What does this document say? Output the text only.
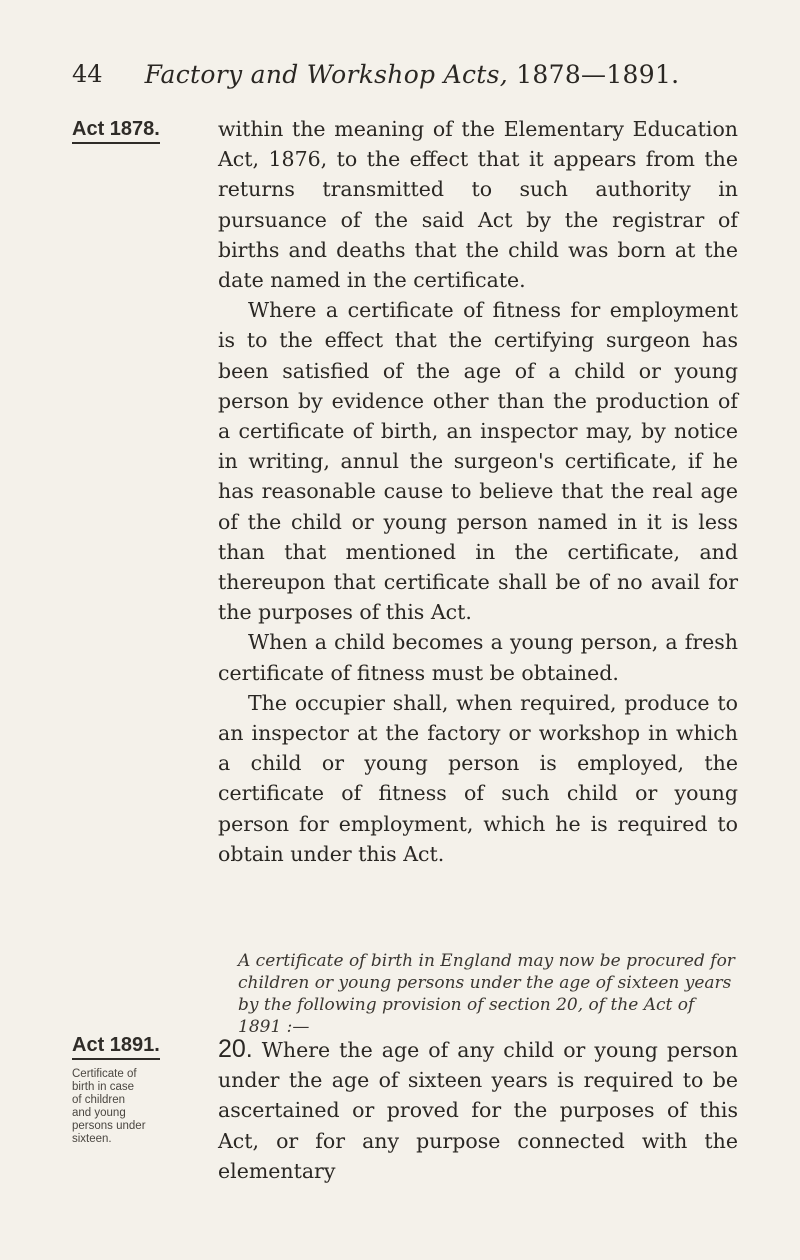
44	Factory and Workshop Acts, 1878—1891.
Act 1878.	within the meaning of the Elementary Education Act, 1876, to the effect that it appears from the returns transmitted to such authority in pursuance of the said Act by the registrar of births and deaths that the child was born at the date named in the certificate.

Where a certificate of fitness for employment is to the effect that the certifying surgeon has been satisfied of the age of a child or young person by evidence other than the production of a certificate of birth, an inspector may, by notice in writing, annul the surgeon's certificate, if he has reasonable cause to believe that the real age of the child or young person named in it is less than that mentioned in the certificate, and thereupon that certificate shall be of no avail for the purposes of this Act.

When a child becomes a young person, a fresh certificate of fitness must be obtained.

The occupier shall, when required, produce to an inspector at the factory or workshop in which a child or young person is employed, the certificate of fitness of such child or young person for employment, which he is required to obtain under this Act.

A certificate of birth in England may now be procured for children or young persons under the age of sixteen years by the following provision of section 20, of the Act of 1891 :—
Act 1891.
Certificate of birth in case of children and young persons under sixteen.
20. Where the age of any child or young person under the age of sixteen years is required to be ascertained or proved for the purposes of this Act, or for any purpose connected with the elementary
